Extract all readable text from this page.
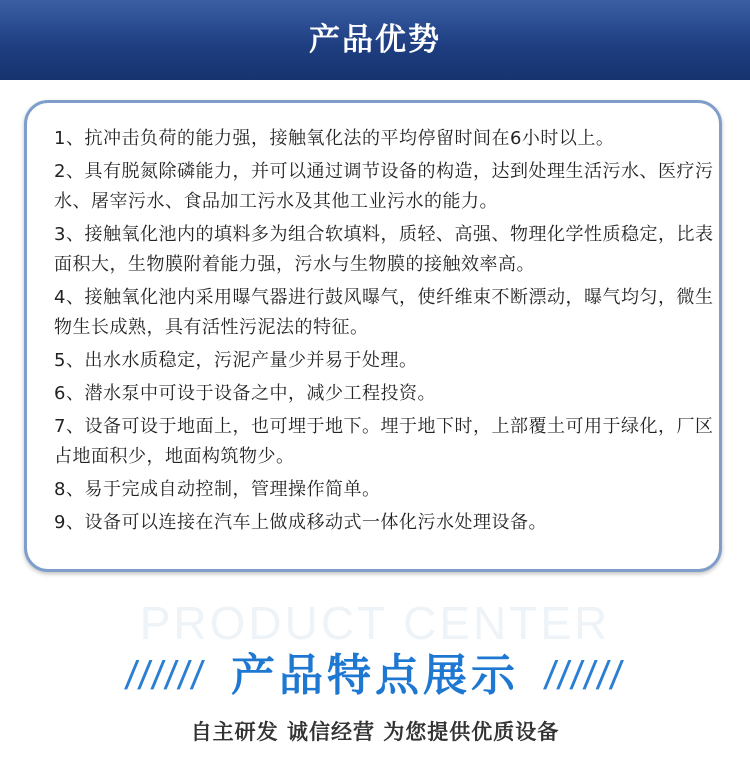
产品优势
1、抗冲击负荷的能力强，接触氧化法的平均停留时间在6小时以上。
2、具有脱氮除磷能力，并可以通过调节设备的构造，达到处理生活污水、医疗污水、屠宰污水、食品加工污水及其他工业污水的能力。
3、接触氧化池内的填料多为组合软填料，质轻、高强、物理化学性质稳定，比表面积大，生物膜附着能力强，污水与生物膜的接触效率高。
4、接触氧化池内采用曝气器进行鼓风曝气，使纤维束不断漂动，曝气均匀，微生物生长成熟，具有活性污泥法的特征。
5、出水水质稳定，污泥产量少并易于处理。
6、潜水泵中可设于设备之中，减少工程投资。
7、设备可设于地面上，也可埋于地下。埋于地下时，上部覆土可用于绿化，厂区占地面积少，地面构筑物少。
8、易于完成自动控制，管理操作简单。
9、设备可以连接在汽车上做成移动式一体化污水处理设备。
PRODUCT CENTER
////// 产品特点展示 //////
自主研发 诚信经营 为您提供优质设备
